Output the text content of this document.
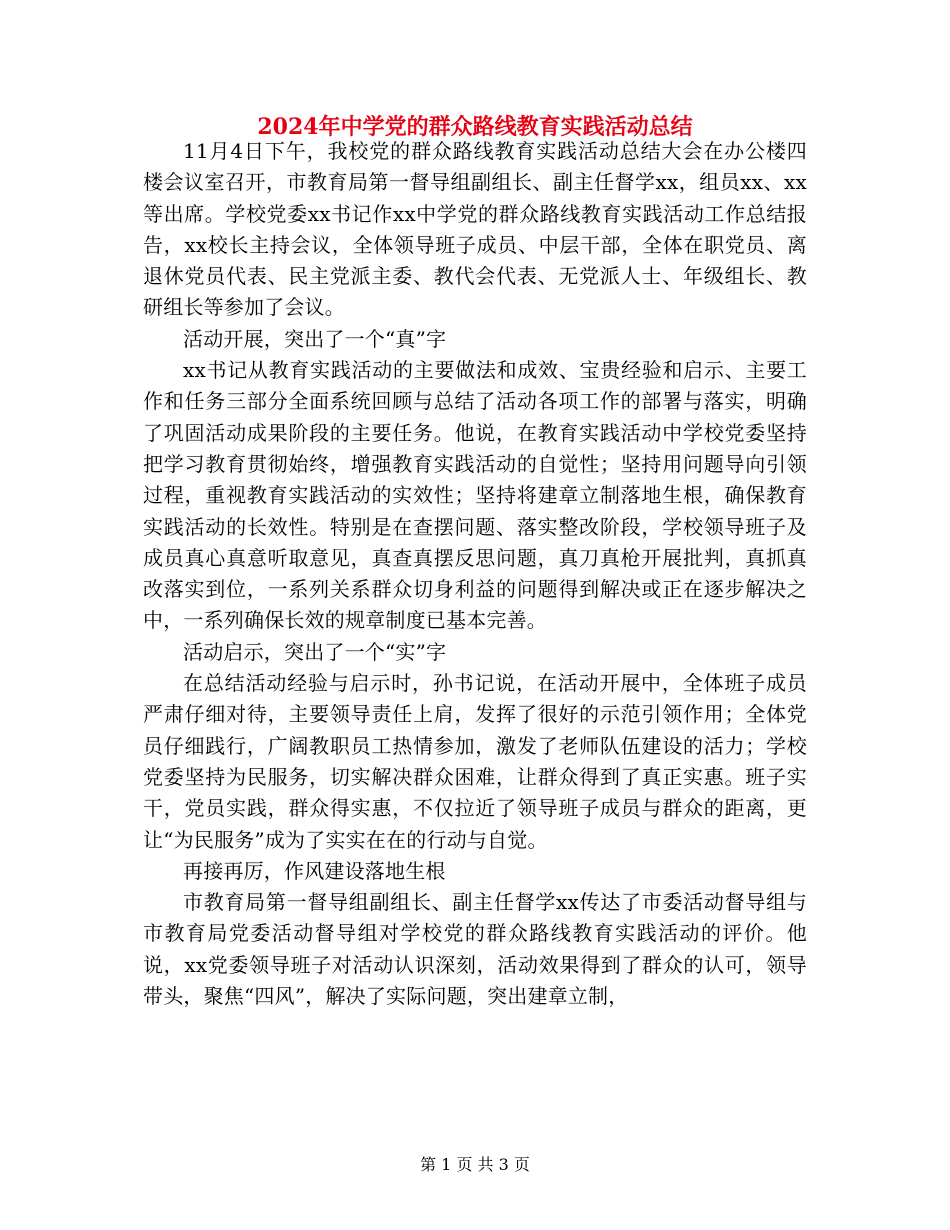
2024年中学党的群众路线教育实践活动总结

11月4日下午，我校党的群众路线教育实践活动总结大会在办公楼四楼会议室召开，市教育局第一督导组副组长、副主任督学xx，组员xx、xx等出席。学校党委xx书记作xx中学党的群众路线教育实践活动工作总结报告，xx校长主持会议，全体领导班子成员、中层干部，全体在职党员、离退休党员代表、民主党派主委、教代会代表、无党派人士、年级组长、教研组长等参加了会议。

活动开展，突出了一个“真”字

xx书记从教育实践活动的主要做法和成效、宝贵经验和启示、主要工作和任务三部分全面系统回顾与总结了活动各项工作的部署与落实，明确了巩固活动成果阶段的主要任务。他说，在教育实践活动中学校党委坚持把学习教育贯彻始终，增强教育实践活动的自觉性；坚持用问题导向引领过程，重视教育实践活动的实效性；坚持将建章立制落地生根，确保教育实践活动的长效性。特别是在查摆问题、落实整改阶段，学校领导班子及成员真心真意听取意见，真查真摆反思问题，真刀真枪开展批判，真抓真改落实到位，一系列关系群众切身利益的问题得到解决或正在逐步解决之中，一系列确保长效的规章制度已基本完善。

活动启示，突出了一个“实”字

在总结活动经验与启示时，孙书记说，在活动开展中，全体班子成员严肃仔细对待，主要领导责任上肩，发挥了很好的示范引领作用；全体党员仔细践行，广阔教职员工热情参加，激发了老师队伍建设的活力；学校党委坚持为民服务，切实解决群众困难，让群众得到了真正实惠。班子实干，党员实践，群众得实惠，不仅拉近了领导班子成员与群众的距离，更让“为民服务”成为了实实在在的行动与自觉。

再接再厉，作风建设落地生根

市教育局第一督导组副组长、副主任督学xx传达了市委活动督导组与市教育局党委活动督导组对学校党的群众路线教育实践活动的评价。他说，xx党委领导班子对活动认识深刻，活动效果得到了群众的认可，领导带头，聚焦“四风”，解决了实际问题，突出建章立制，

第 1 页 共 3 页
